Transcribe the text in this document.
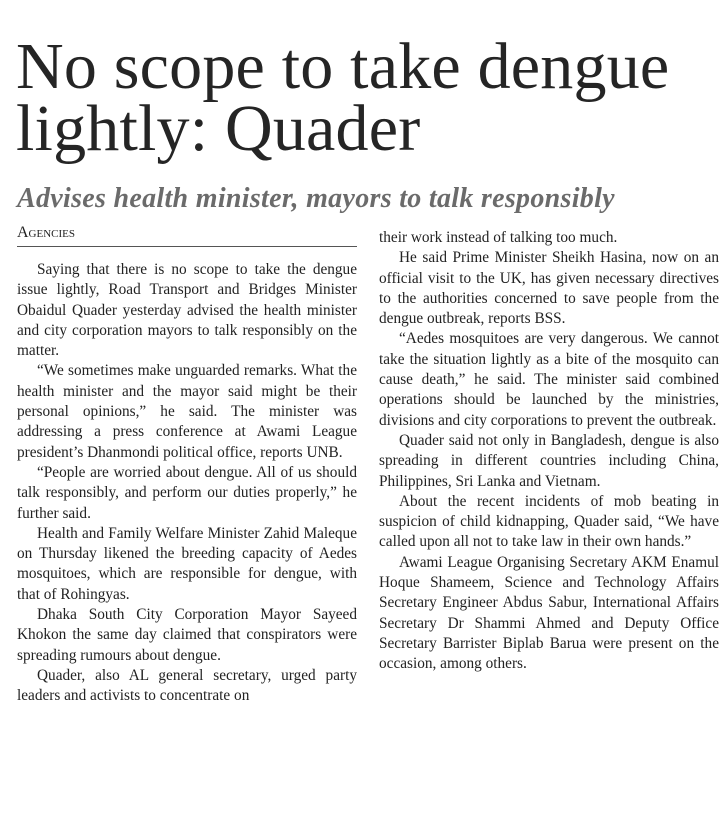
No scope to take dengue lightly: Quader
Advises health minister, mayors to talk responsibly
Agencies

Saying that there is no scope to take the dengue issue lightly, Road Transport and Bridges Minister Obaidul Quader yesterday advised the health minister and city corporation mayors to talk responsibly on the matter.

“We sometimes make unguarded remarks. What the health minister and the mayor said might be their personal opinions,” he said. The minister was addressing a press conference at Awami League president’s Dhanmondi political office, reports UNB.

“People are worried about dengue. All of us should talk responsibly, and perform our duties properly,” he further said.

Health and Family Welfare Minister Zahid Maleque on Thursday likened the breeding capacity of Aedes mosquitoes, which are responsible for dengue, with that of Rohingyas.

Dhaka South City Corporation Mayor Sayeed Khokon the same day claimed that conspirators were spreading rumours about dengue.

Quader, also AL general secretary, urged party leaders and activists to concentrate on

their work instead of talking too much.

He said Prime Minister Sheikh Hasina, now on an official visit to the UK, has given necessary directives to the authorities concerned to save people from the dengue outbreak, reports BSS.

“Aedes mosquitoes are very dangerous. We cannot take the situation lightly as a bite of the mosquito can cause death,” he said. The minister said combined operations should be launched by the ministries, divisions and city corporations to prevent the outbreak.

Quader said not only in Bangladesh, dengue is also spreading in different countries including China, Philippines, Sri Lanka and Vietnam.

About the recent incidents of mob beating in suspicion of child kidnapping, Quader said, “We have called upon all not to take law in their own hands.”

Awami League Organising Secretary AKM Enamul Hoque Shameem, Science and Technology Affairs Secretary Engineer Abdus Sabur, International Affairs Secretary Dr Shammi Ahmed and Deputy Office Secretary Barrister Biplab Barua were present on the occasion, among others.
